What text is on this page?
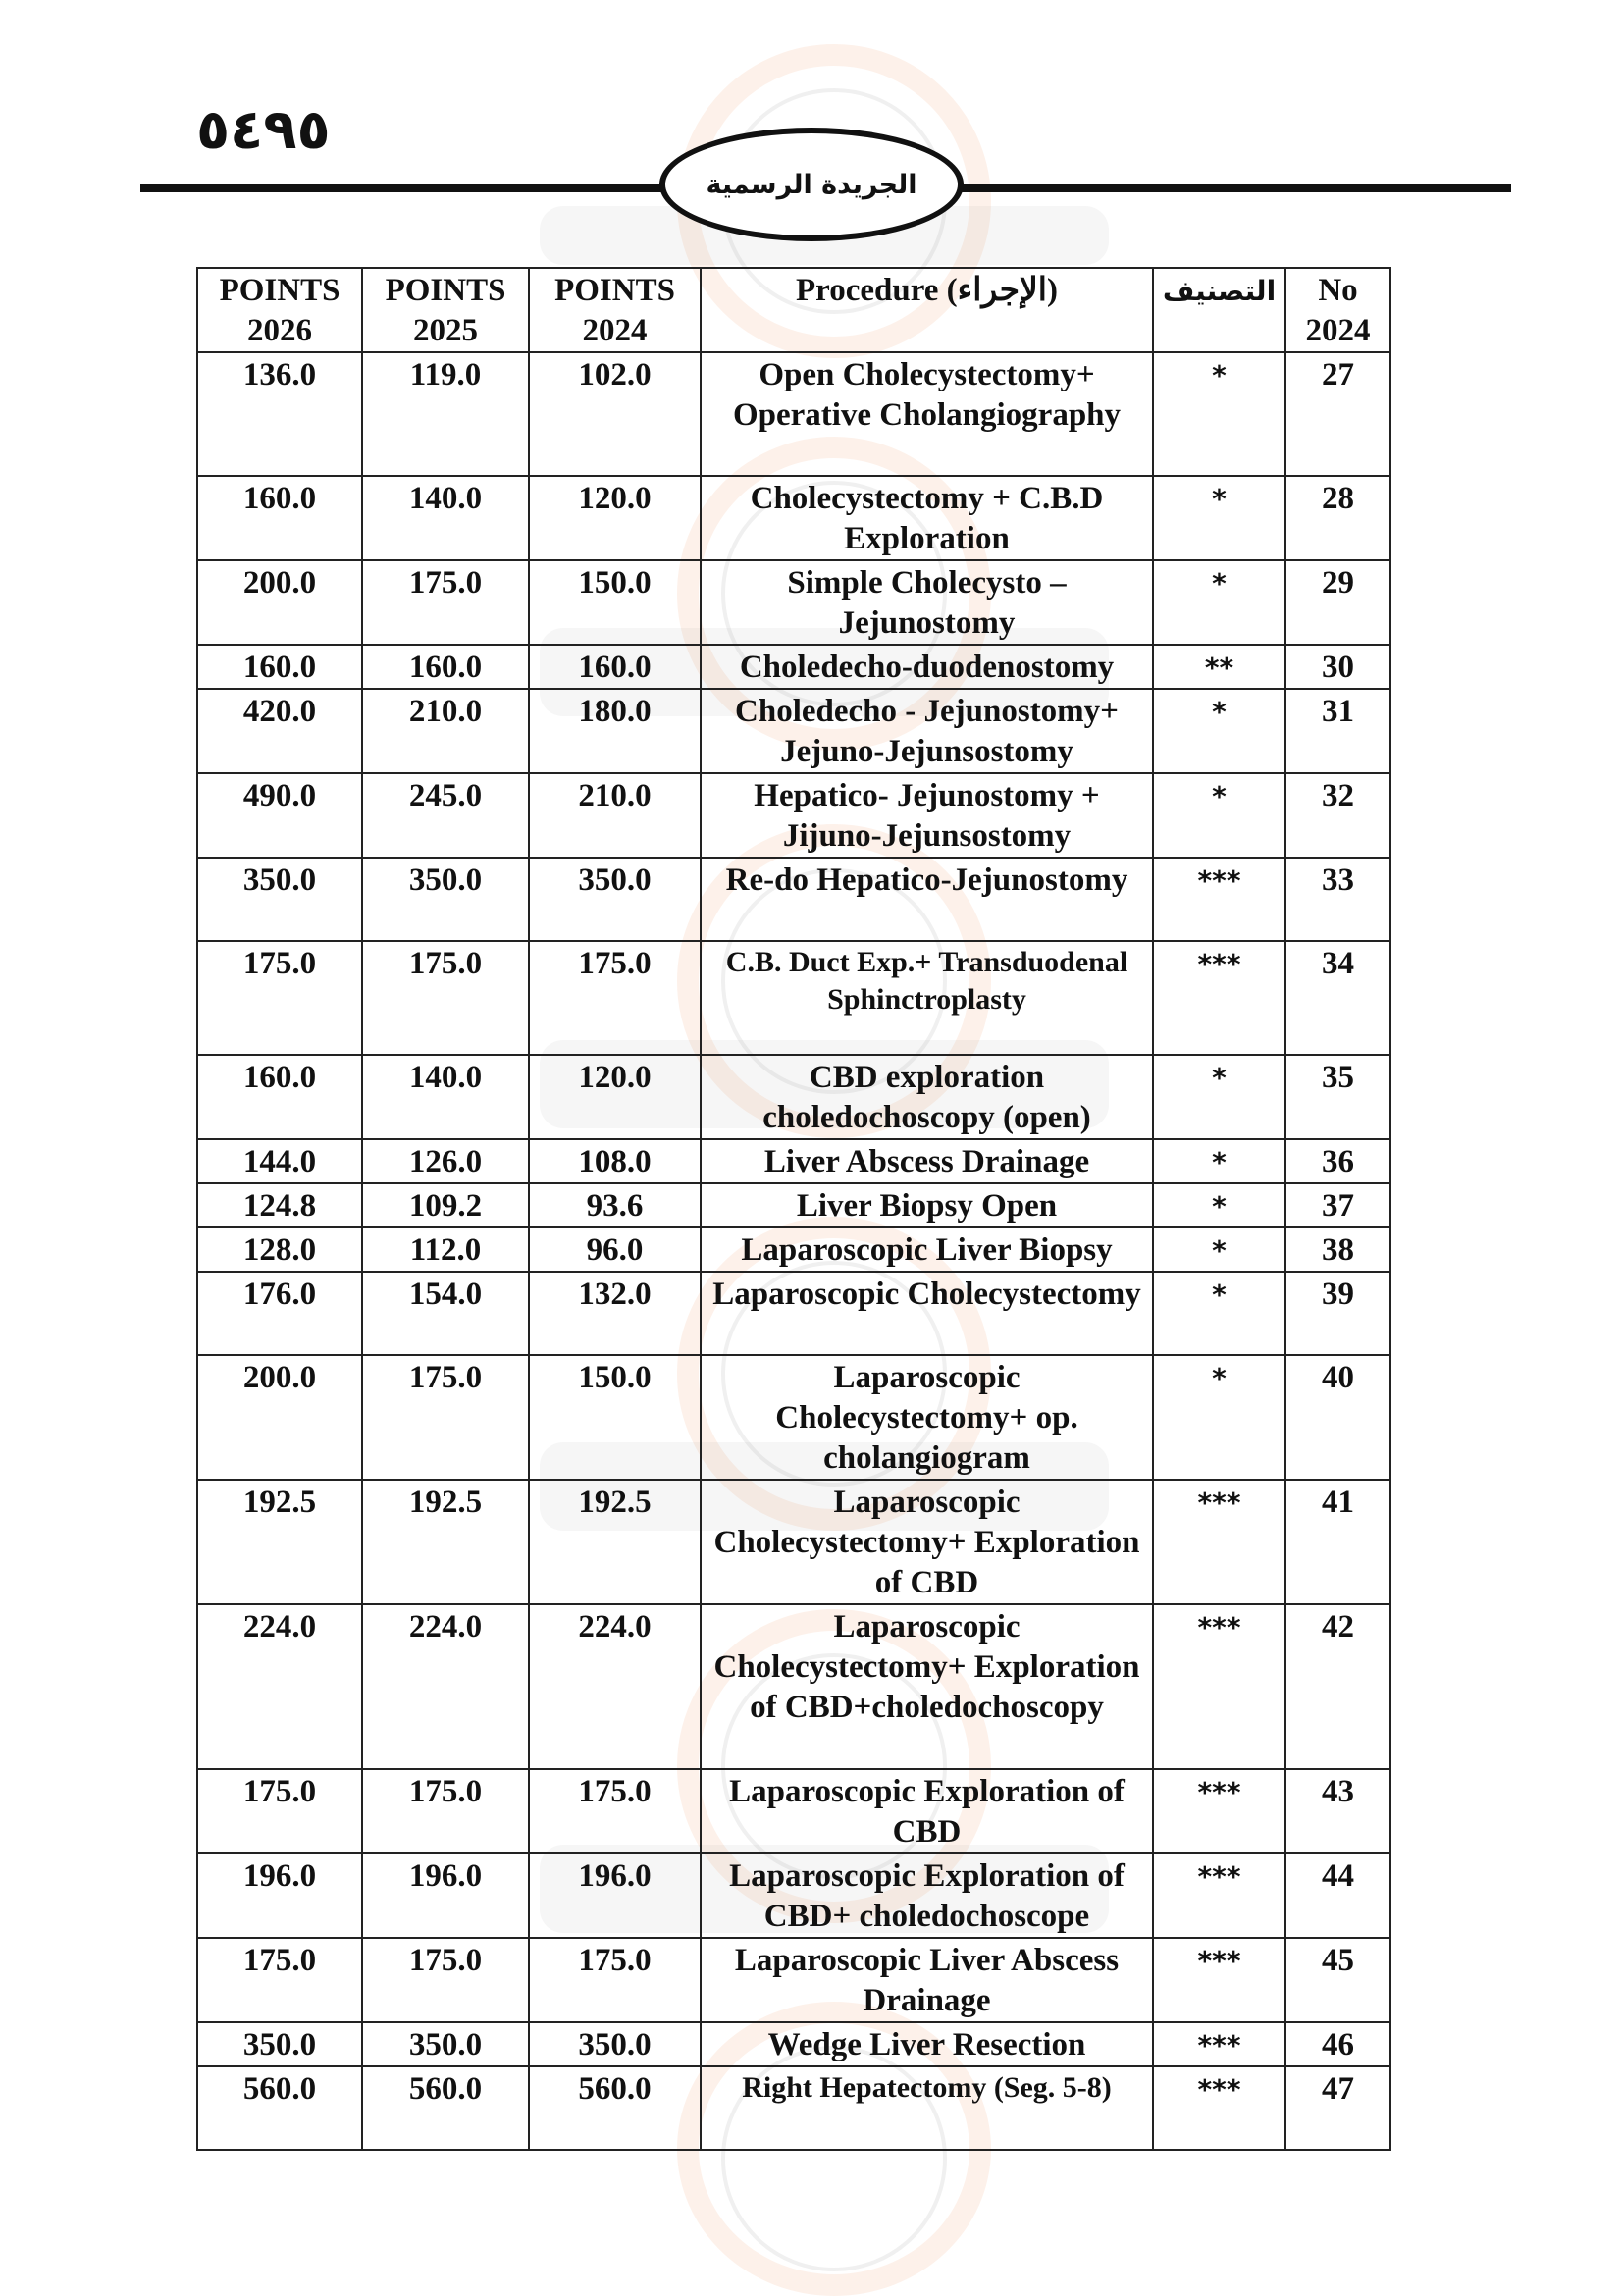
٥٤٩٥
الجريدة الرسمية
POINTS 2026	POINTS 2025	POINTS 2024	Procedure (الإجراء)	التصنيف	No 2024
136.0	119.0	102.0	Open Cholecystectomy+ Operative Cholangiography	*	27
160.0	140.0	120.0	Cholecystectomy + C.B.D Exploration	*	28
200.0	175.0	150.0	Simple Cholecysto – Jejunostomy	*	29
160.0	160.0	160.0	Choledecho-duodenostomy	**	30
420.0	210.0	180.0	Choledecho - Jejunostomy+ Jejuno-Jejunsostomy	*	31
490.0	245.0	210.0	Hepatico- Jejunostomy + Jijuno-Jejunsostomy	*	32
350.0	350.0	350.0	Re-do Hepatico-Jejunostomy	***	33
175.0	175.0	175.0	C.B. Duct Exp.+ Transduodenal Sphinctroplasty	***	34
160.0	140.0	120.0	CBD exploration choledochoscopy (open)	*	35
144.0	126.0	108.0	Liver Abscess Drainage	*	36
124.8	109.2	93.6	Liver Biopsy Open	*	37
128.0	112.0	96.0	Laparoscopic Liver Biopsy	*	38
176.0	154.0	132.0	Laparoscopic Cholecystectomy	*	39
200.0	175.0	150.0	Laparoscopic Cholecystectomy+ op. cholangiogram	*	40
192.5	192.5	192.5	Laparoscopic Cholecystectomy+ Exploration of CBD	***	41
224.0	224.0	224.0	Laparoscopic Cholecystectomy+ Exploration of CBD+choledochoscopy	***	42
175.0	175.0	175.0	Laparoscopic Exploration of CBD	***	43
196.0	196.0	196.0	Laparoscopic Exploration of CBD+ choledochoscope	***	44
175.0	175.0	175.0	Laparoscopic Liver Abscess Drainage	***	45
350.0	350.0	350.0	Wedge Liver Resection	***	46
560.0	560.0	560.0	Right Hepatectomy (Seg. 5-8)	***	47
